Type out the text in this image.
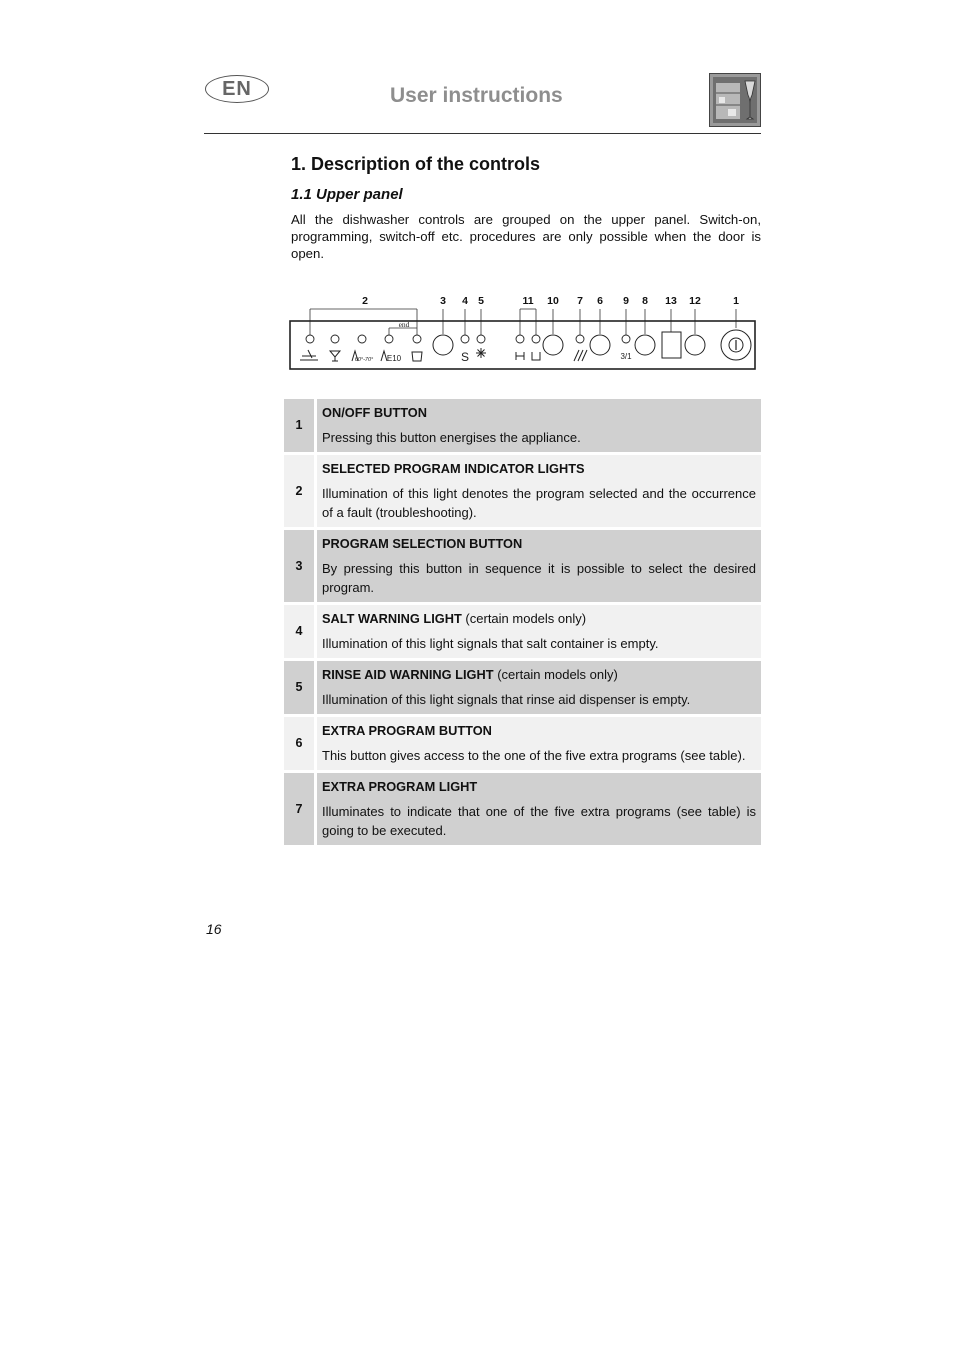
EN	User instructions
1. Description of the controls
1.1 Upper panel

All the dishwasher controls are grouped on the upper panel. Switch-on, programming, switch-off etc. procedures are only possible when the door is open.

2	3 4 5	11 10 7 6 9 8 13 12	1
end
60°-70° E10	S	3/1
1	ON/OFF BUTTON

Pressing this button energises the appliance.

2	SELECTED PROGRAM INDICATOR LIGHTS

Illumination of this light denotes the program selected and the occurrence of a fault (troubleshooting).

3	PROGRAM SELECTION BUTTON

By pressing this button in sequence it is possible to select the desired program.

4	SALT WARNING LIGHT (certain models only)

Illumination of this light signals that salt container is empty.

5	RINSE AID WARNING LIGHT (certain models only)

Illumination of this light signals that rinse aid dispenser is empty.

6	EXTRA PROGRAM BUTTON

This button gives access to the one of the five extra programs (see table).

7	EXTRA PROGRAM LIGHT

Illuminates to indicate that one of the five extra programs (see table) is going to be executed.

16
